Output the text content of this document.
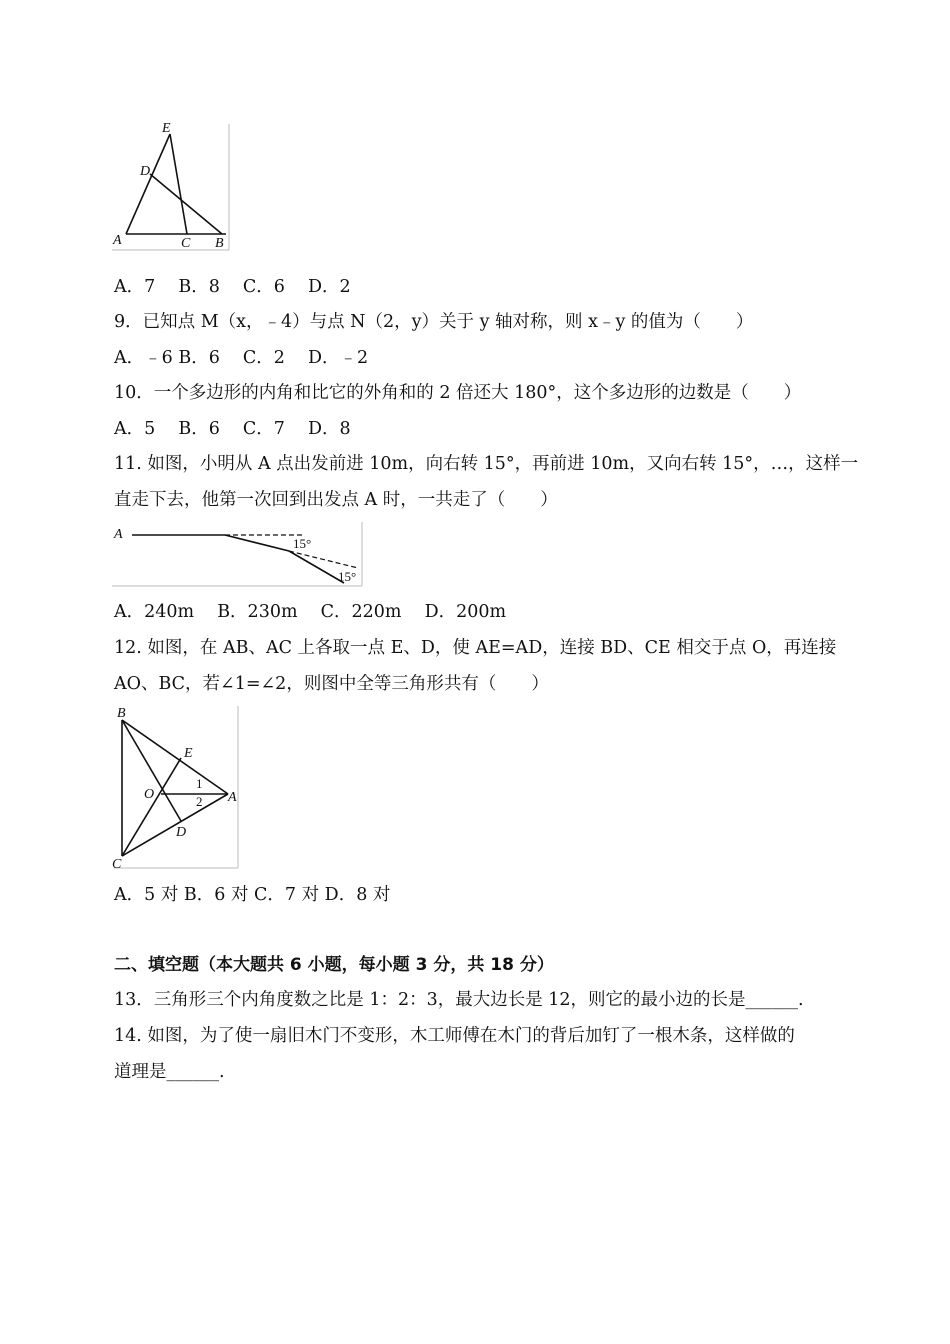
E
D
A	C B
A．7　 B．8　 C．6　 D．2
9．已知点 M（x，﹣4）与点 N（2，y）关于 y 轴对称，则 x﹣y 的值为（　　）
A．﹣6 B．6　 C．2　 D．﹣2
10．一个多边形的内角和比它的外角和的 2 倍还大 180°，这个多边形的边数是（　　）
A．5　 B．6　 C．7　 D．8
11. 如图，小明从 A 点出发前进 10m，向右转 15°，再前进 10m，又向右转 15°，…，这样一
直走下去，他第一次回到出发点 A 时，一共走了（　　）
A
15°
15°
A．240m　 B．230m　 C．220m　 D．200m
12. 如图，在 AB、AC 上各取一点 E、D，使 AE=AD，连接 BD、CE 相交于点 O，再连接
AO、BC，若∠1=∠2，则图中全等三角形共有（　　）
B
E
O	A
D
C
1
2
A．5 对 B．6 对 C．7 对 D．8 对
二、填空题（本大题共 6 小题，每小题 3 分，共 18 分）
13．三角形三个内角度数之比是 1：2：3，最大边长是 12，则它的最小边的长是______.
14. 如图，为了使一扇旧木门不变形，木工师傅在木门的背后加钉了一根木条，这样做的
道理是______.
